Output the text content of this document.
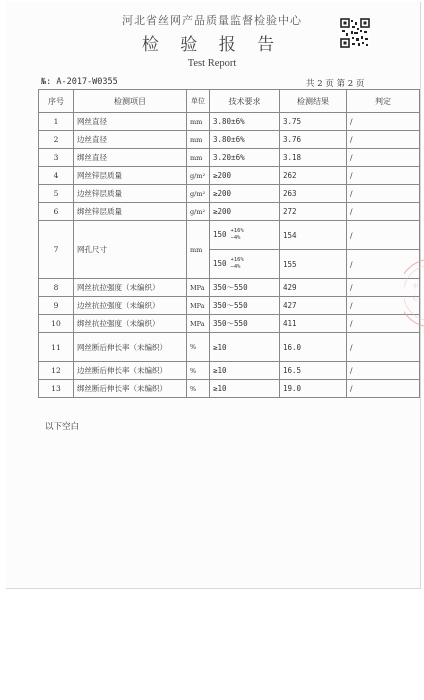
河北省丝网产品质量监督检验中心
检 验 报 告
Test Report
№: A-2017-W0355	共 2 页 第 2 页
序号	检测项目	单位	技术要求	检测结果	判定
1	网丝直径	mm	3.80±6%	3.75	/
2	边丝直径	mm	3.80±6%	3.76	/
3	绑丝直径	mm	3.20±6%	3.18	/
4	网丝锌层质量	g/m²	≥200	262	/
5	边丝锌层质量	g/m²	≥200	263	/
6	绑丝锌层质量	g/m²	≥200	272	/
7	网孔尺寸	mm	150 +16%
−4%	154	/
			150 +16%
−4%	155	/
8	网丝抗拉强度（未编织）	MPa	350～550	429	/
9	边丝抗拉强度（未编织）	MPa	350～550	427	/
10	绑丝抗拉强度（未编织）	MPa	350～550	411	/
11	网丝断后伸长率（未编织）	%	≥10	16.0	/
12	边丝断后伸长率（未编织）	%	≥10	16.5	/
13	绑丝断后伸长率（未编织）	%	≥10	19.0	/
以下空白
中
心
